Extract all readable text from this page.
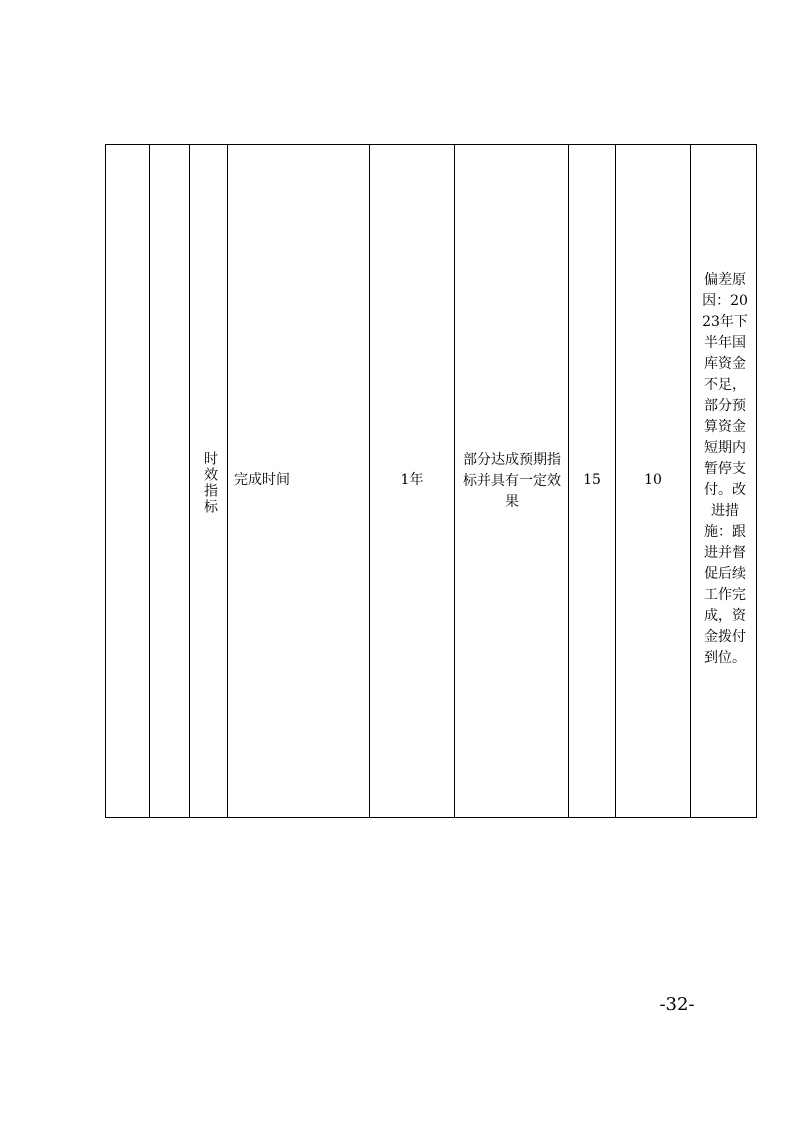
时效指标 完成时间	1年
部分达成预期指标并具有一定效果
15	10
偏差原因：2023年下半年国库资金不足，部分预算资金短期内暂停支付。改进措施：跟进并督促后续工作完成，资金拨付到位。
-32-
